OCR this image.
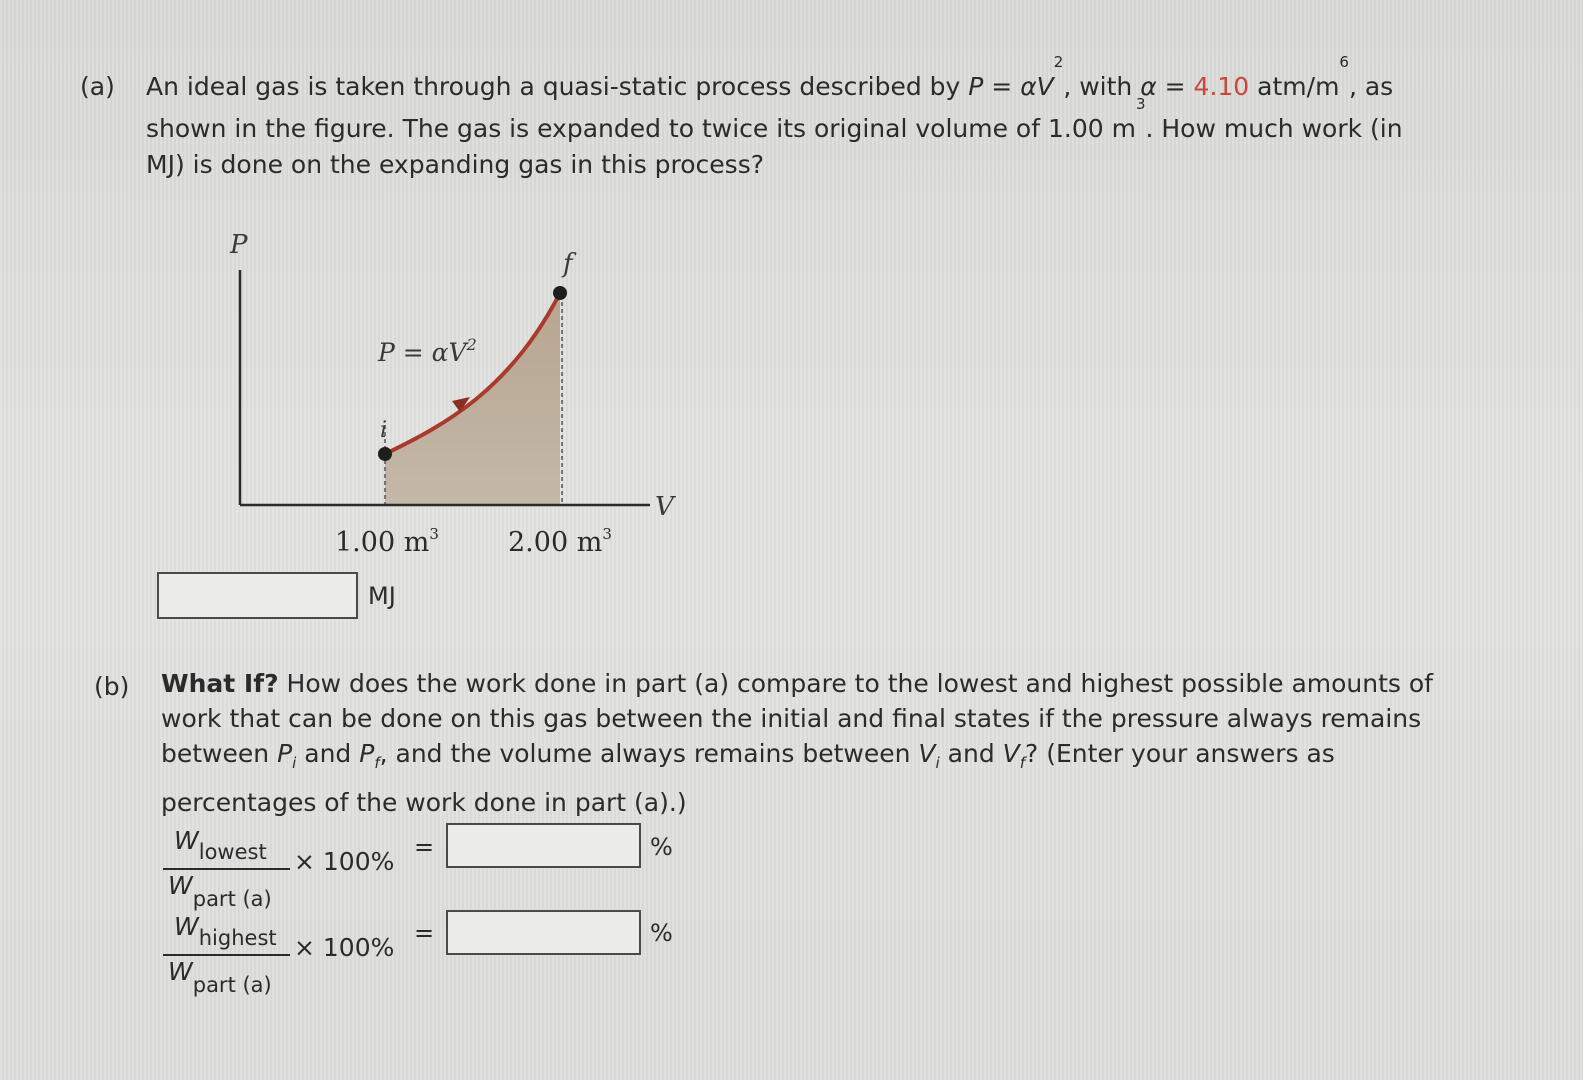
(a) An ideal gas is taken through a quasi-static process described by $P = \alpha V^2$, with α = 4.10 atm/$m^6$, as
shown in the figure. The gas is expanded to twice its original volume of 1.00 $m^3$. How much work (in
MJ) is done on the expanding gas in this process?
P
V
i
f
$P = \alpha V^2$
1.00 $m^3$	2.00 $m^3$
MJ
(b) What If? How does the work done in part (a) compare to the lowest and highest possible amounts of
work that can be done on this gas between the initial and final states if the pressure always remains
between $P_i$ and $P_f$, and the volume always remains between $V_i$ and $V_f$? (Enter your answers as
percentages of the work done in part (a).)
$W_{lowest}$
$W_{part (a)}$
× 100% =	%
$W_{highest}$
$W_{part (a)}$
× 100% =	%
